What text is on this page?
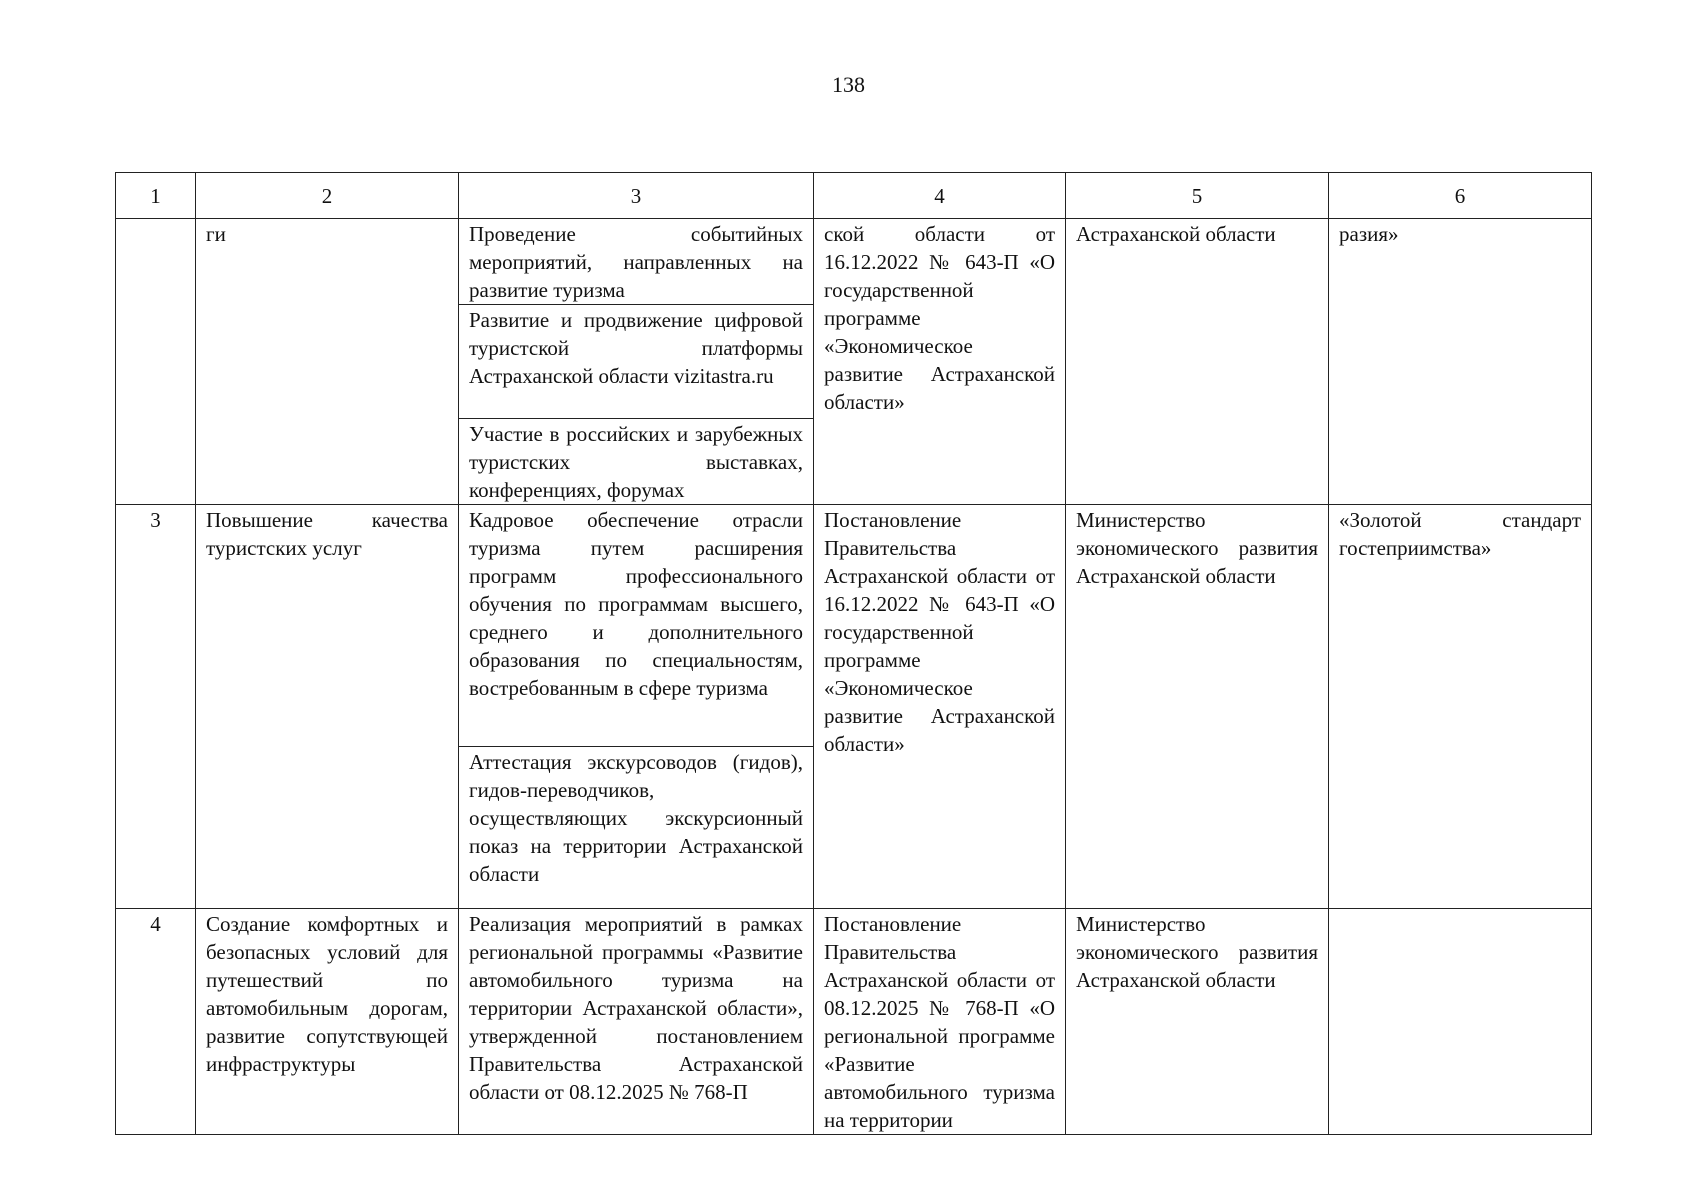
138
1	2	3	4	5	6
	ги	Проведение событийных мероприятий, направленных на развитие туризма	ской области от 16.12.2022 № 643-П «О государственной программе «Экономическое развитие Астраханской области»	Астраханской области	разия»
		Развитие и продвижение цифровой туристской платформы Астраханской области vizitastra.ru			
		Участие в российских и зарубежных туристских выставках, конференциях, форумах			
3	Повышение качества туристских услуг	Кадровое обеспечение отрасли туризма путем расширения программ профессионального обучения по программам высшего, среднего и дополнительного образования по специальностям, востребованным в сфере туризма	Постановление Правительства Астраханской области от 16.12.2022 № 643-П «О государственной программе «Экономическое развитие Астраханской области»	Министерство экономического развития Астраханской области	«Золотой стандарт гостеприимства»
		Аттестация экскурсоводов (гидов), гидов-переводчиков, осуществляющих экскурсионный показ на территории Астраханской области			
4	Создание комфортных и безопасных условий для путешествий по автомобильным дорогам, развитие сопутствующей инфраструктуры	Реализация мероприятий в рамках региональной программы «Развитие автомобильного туризма на территории Астраханской области», утвержденной постановлением Правительства Астраханской области от 08.12.2025 № 768-П	Постановление Правительства Астраханской области от 08.12.2025 № 768-П «О региональной программе «Развитие автомобильного туризма на территории	Министерство экономического развития Астраханской области	
